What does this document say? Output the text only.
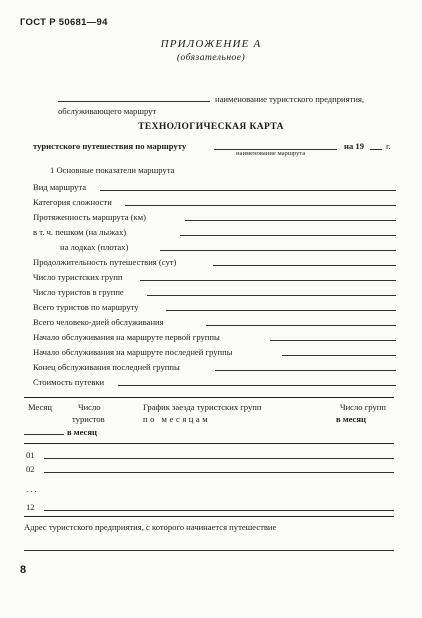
ГОСТ Р 50681—94
ПРИЛОЖЕНИЕ А
(обязательное)
наименование туристского предприятия,
обслуживающего маршрут
ТЕХНОЛОГИЧЕСКАЯ КАРТА
туристского путешествия по маршруту
наименование маршрута
на 19	г.
1 Основные показатели маршрута
Вид маршрута
Категория сложности
Протяженность маршрута (км)
в т. ч. пешком (на лыжах)
на лодках (плотах)
Продолжительность путешествия (сут)
Число туристских групп
Число туристов в группе
Всего туристов по маршруту
Всего человеко-дней обслуживания
Начало обслуживания на маршруте первой группы
Начало обслуживания на маршруте последней группы
Конец обслуживания последней группы
Стоимость путевки
Месяц	Число
туристов
в месяц
График заезда туристских групп
по месяцам
Число групп
в месяц
01
02
. . .
12
Адрес туристского предприятия, с которого начинается путешествие
8
